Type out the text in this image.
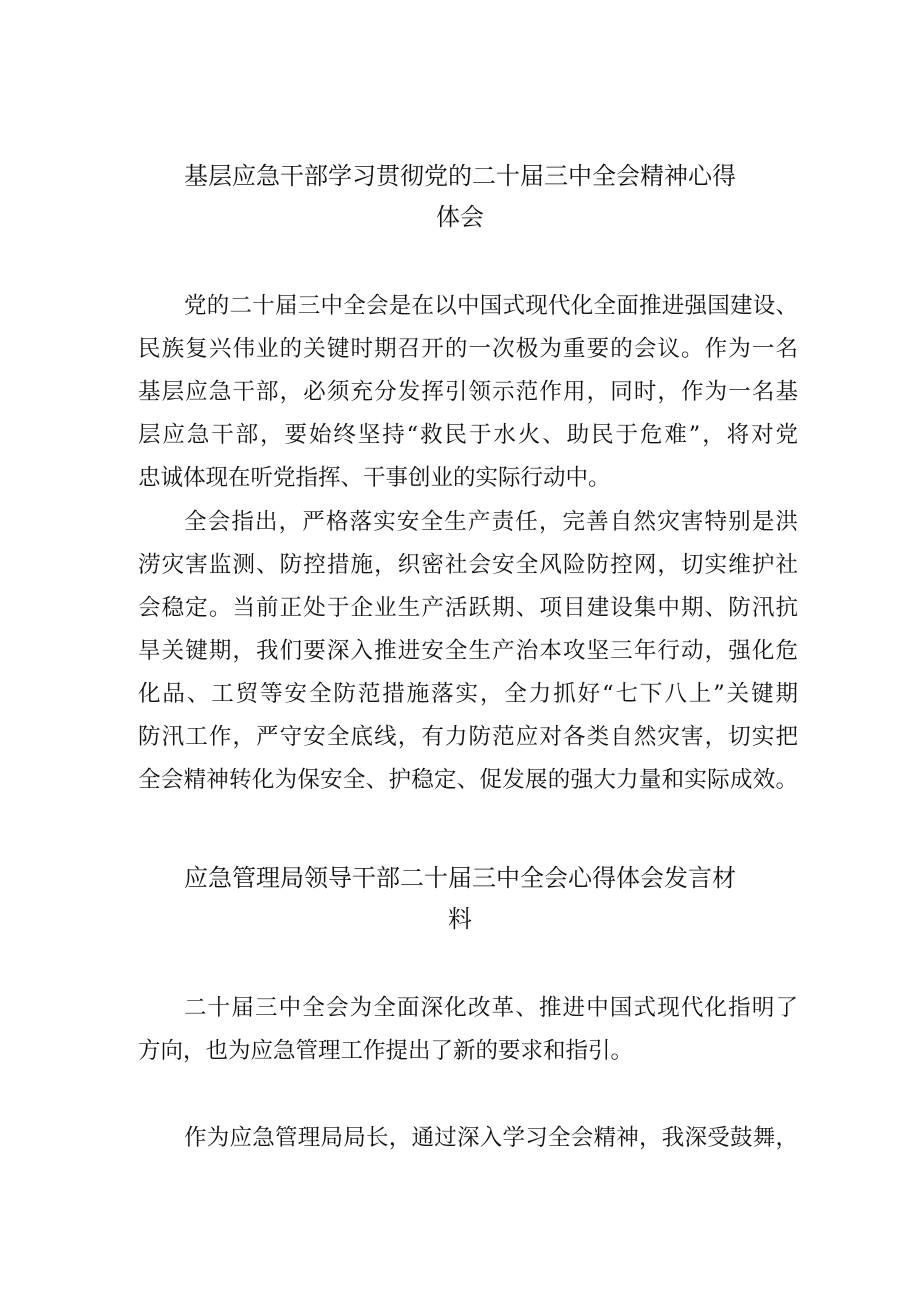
基层应急干部学习贯彻党的二十届三中全会精神心得
体会

党的二十届三中全会是在以中国式现代化全面推进强国建设、

民族复兴伟业的关键时期召开的一次极为重要的会议。作为一名

基层应急干部，必须充分发挥引领示范作用，同时，作为一名基

层应急干部，要始终坚持“救民于水火、助民于危难”，将对党

忠诚体现在听党指挥、干事创业的实际行动中。

全会指出，严格落实安全生产责任，完善自然灾害特别是洪

涝灾害监测、防控措施，织密社会安全风险防控网，切实维护社

会稳定。当前正处于企业生产活跃期、项目建设集中期、防汛抗

旱关键期，我们要深入推进安全生产治本攻坚三年行动，强化危

化品、工贸等安全防范措施落实，全力抓好“七下八上”关键期

防汛工作，严守安全底线，有力防范应对各类自然灾害，切实把

全会精神转化为保安全、护稳定、促发展的强大力量和实际成效。

应急管理局领导干部二十届三中全会心得体会发言材
料

二十届三中全会为全面深化改革、推进中国式现代化指明了

方向，也为应急管理工作提出了新的要求和指引。

作为应急管理局局长，通过深入学习全会精神，我深受鼓舞，
